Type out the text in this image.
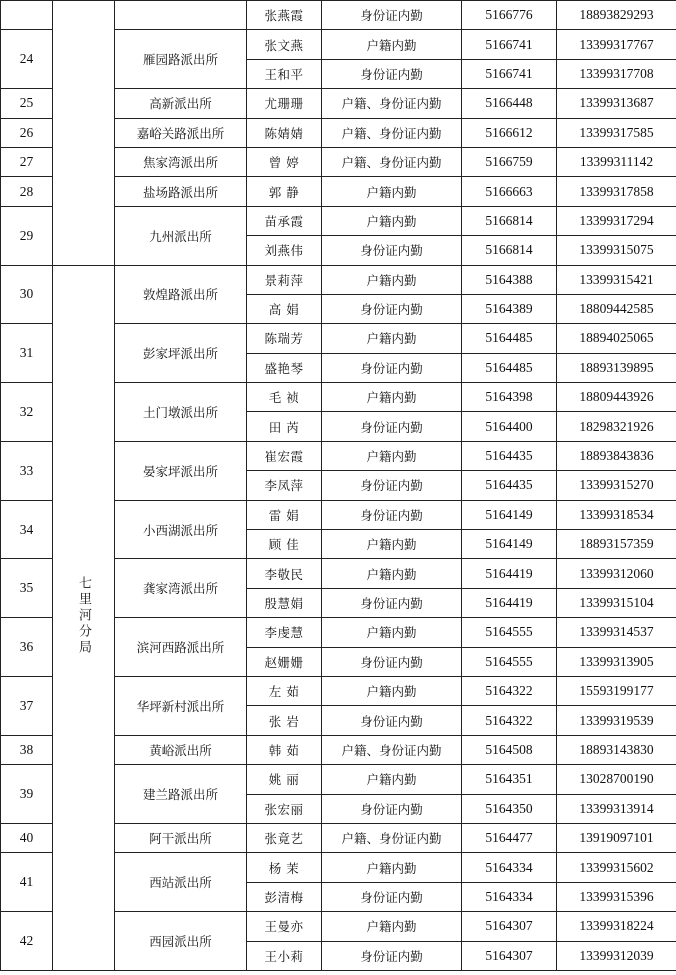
			张燕霞	身份证内勤	5166776	18893829293
24		雁园路派出所	张文燕	户籍内勤	5166741	13399317767
			王和平	身份证内勤	5166741	13399317708
25		高新派出所	尤珊珊	户籍、身份证内勤	5166448	13399313687
26		嘉峪关路派出所	陈婧婧	户籍、身份证内勤	5166612	13399317585
27		焦家湾派出所	曾 婷	户籍、身份证内勤	5166759	13399311142
28		盐场路派出所	郭 静	户籍内勤	5166663	13399317858
29		九州派出所	苗承霞	户籍内勤	5166814	13399317294
			刘燕伟	身份证内勤	5166814	13399315075
30	七里河分局	敦煌路派出所	景莉萍	户籍内勤	5164388	13399315421
			高 娟	身份证内勤	5164389	18809442585
31		彭家坪派出所	陈瑞芳	户籍内勤	5164485	18894025065
			盛艳琴	身份证内勤	5164485	18893139895
32		土门墩派出所	毛 祯	户籍内勤	5164398	18809443926
			田 芮	身份证内勤	5164400	18298321926
33		晏家坪派出所	崔宏霞	户籍内勤	5164435	18893843836
			李凤萍	身份证内勤	5164435	13399315270
34		小西湖派出所	雷 娟	身份证内勤	5164149	13399318534
			顾 佳	户籍内勤	5164149	18893157359
35		龚家湾派出所	李敬民	户籍内勤	5164419	13399312060
			殷慧娟	身份证内勤	5164419	13399315104
36		滨河西路派出所	李虔慧	户籍内勤	5164555	13399314537
			赵姗姗	身份证内勤	5164555	13399313905
37		华坪新村派出所	左 茹	户籍内勤	5164322	15593199177
			张 岩	身份证内勤	5164322	13399319539
38		黄峪派出所	韩 茹	户籍、身份证内勤	5164508	18893143830
39		建兰路派出所	姚 丽	户籍内勤	5164351	13028700190
			张宏丽	身份证内勤	5164350	13399313914
40		阿干派出所	张竟艺	户籍、身份证内勤	5164477	13919097101
41		西站派出所	杨 茉	户籍内勤	5164334	13399315602
			彭清梅	身份证内勤	5164334	13399315396
42		西园派出所	王曼亦	户籍内勤	5164307	13399318224
			王小莉	身份证内勤	5164307	13399312039
